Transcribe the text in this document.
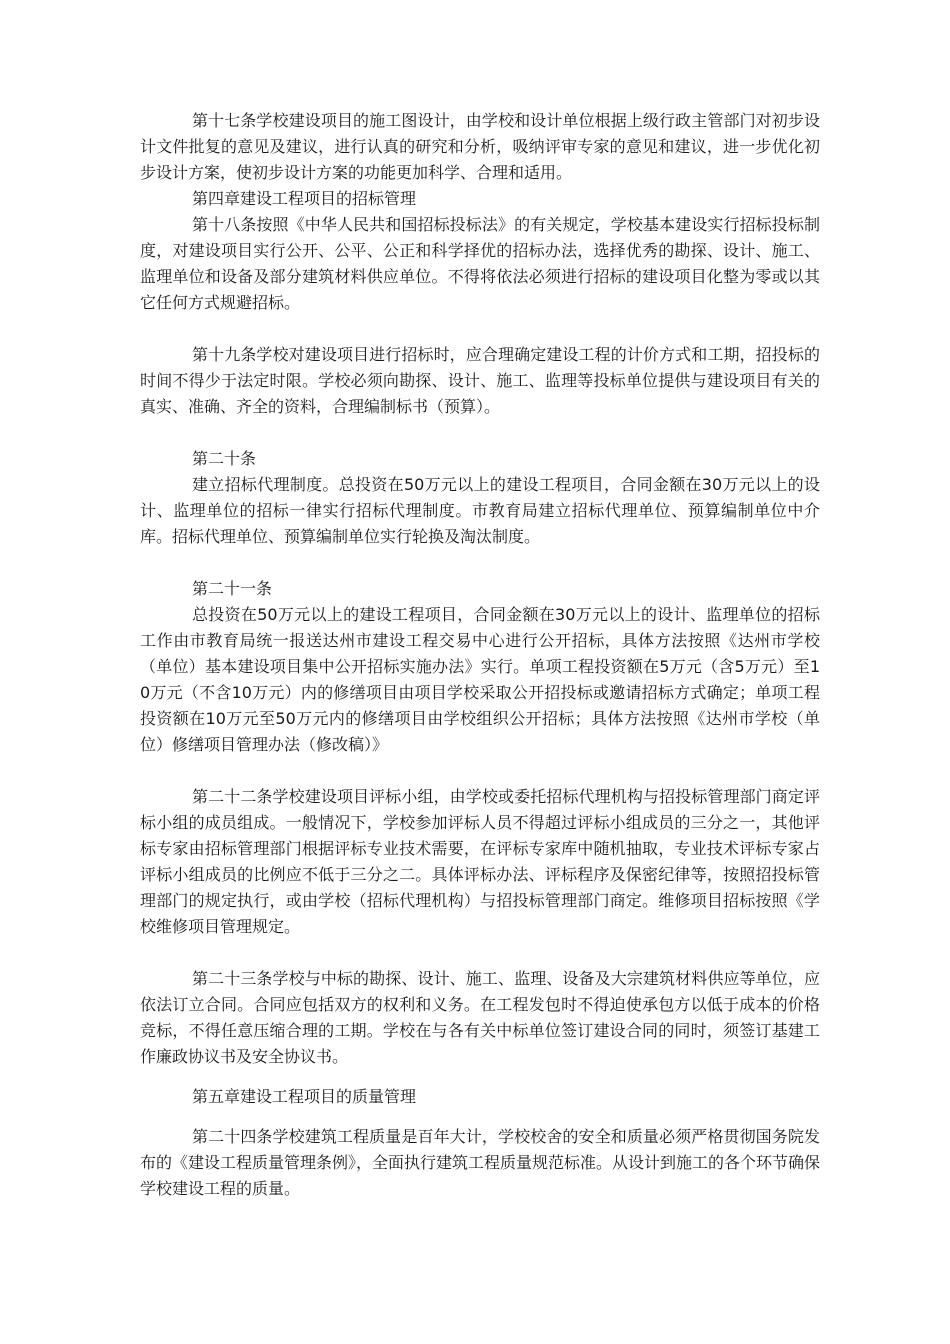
第十七条学校建设项目的施工图设计，由学校和设计单位根据上级行政主管部门对初步设计文件批复的意见及建议，进行认真的研究和分析，吸纳评审专家的意见和建议，进一步优化初步设计方案，使初步设计方案的功能更加科学、合理和适用。

第四章建设工程项目的招标管理

第十八条按照《中华人民共和国招标投标法》的有关规定，学校基本建设实行招标投标制度，对建设项目实行公开、公平、公正和科学择优的招标办法，选择优秀的勘探、设计、施工、监理单位和设备及部分建筑材料供应单位。不得将依法必须进行招标的建设项目化整为零或以其它任何方式规避招标。

第十九条学校对建设项目进行招标时，应合理确定建设工程的计价方式和工期，招投标的时间不得少于法定时限。学校必须向勘探、设计、施工、监理等投标单位提供与建设项目有关的真实、准确、齐全的资料，合理编制标书（预算）。

第二十条

建立招标代理制度。总投资在50万元以上的建设工程项目，合同金额在30万元以上的设计、监理单位的招标一律实行招标代理制度。市教育局建立招标代理单位、预算编制单位中介库。招标代理单位、预算编制单位实行轮换及淘汰制度。

第二十一条

总投资在50万元以上的建设工程项目，合同金额在30万元以上的设计、监理单位的招标工作由市教育局统一报送达州市建设工程交易中心进行公开招标，具体方法按照《达州市学校（单位）基本建设项目集中公开招标实施办法》实行。单项工程投资额在5万元（含5万元）至10万元（不含10万元）内的修缮项目由项目学校采取公开招投标或邀请招标方式确定；单项工程投资额在10万元至50万元内的修缮项目由学校组织公开招标；具体方法按照《达州市学校（单位）修缮项目管理办法（修改稿）》

第二十二条学校建设项目评标小组，由学校或委托招标代理机构与招投标管理部门商定评标小组的成员组成。一般情况下，学校参加评标人员不得超过评标小组成员的三分之一，其他评标专家由招标管理部门根据评标专业技术需要，在评标专家库中随机抽取，专业技术评标专家占评标小组成员的比例应不低于三分之二。具体评标办法、评标程序及保密纪律等，按照招投标管理部门的规定执行，或由学校（招标代理机构）与招投标管理部门商定。维修项目招标按照《学校维修项目管理规定。

第二十三条学校与中标的勘探、设计、施工、监理、设备及大宗建筑材料供应等单位，应依法订立合同。合同应包括双方的权利和义务。在工程发包时不得迫使承包方以低于成本的价格竞标，不得任意压缩合理的工期。学校在与各有关中标单位签订建设合同的同时，须签订基建工作廉政协议书及安全协议书。

第五章建设工程项目的质量管理

第二十四条学校建筑工程质量是百年大计，学校校舍的安全和质量必须严格贯彻国务院发布的《建设工程质量管理条例》，全面执行建筑工程质量规范标准。从设计到施工的各个环节确保学校建设工程的质量。
